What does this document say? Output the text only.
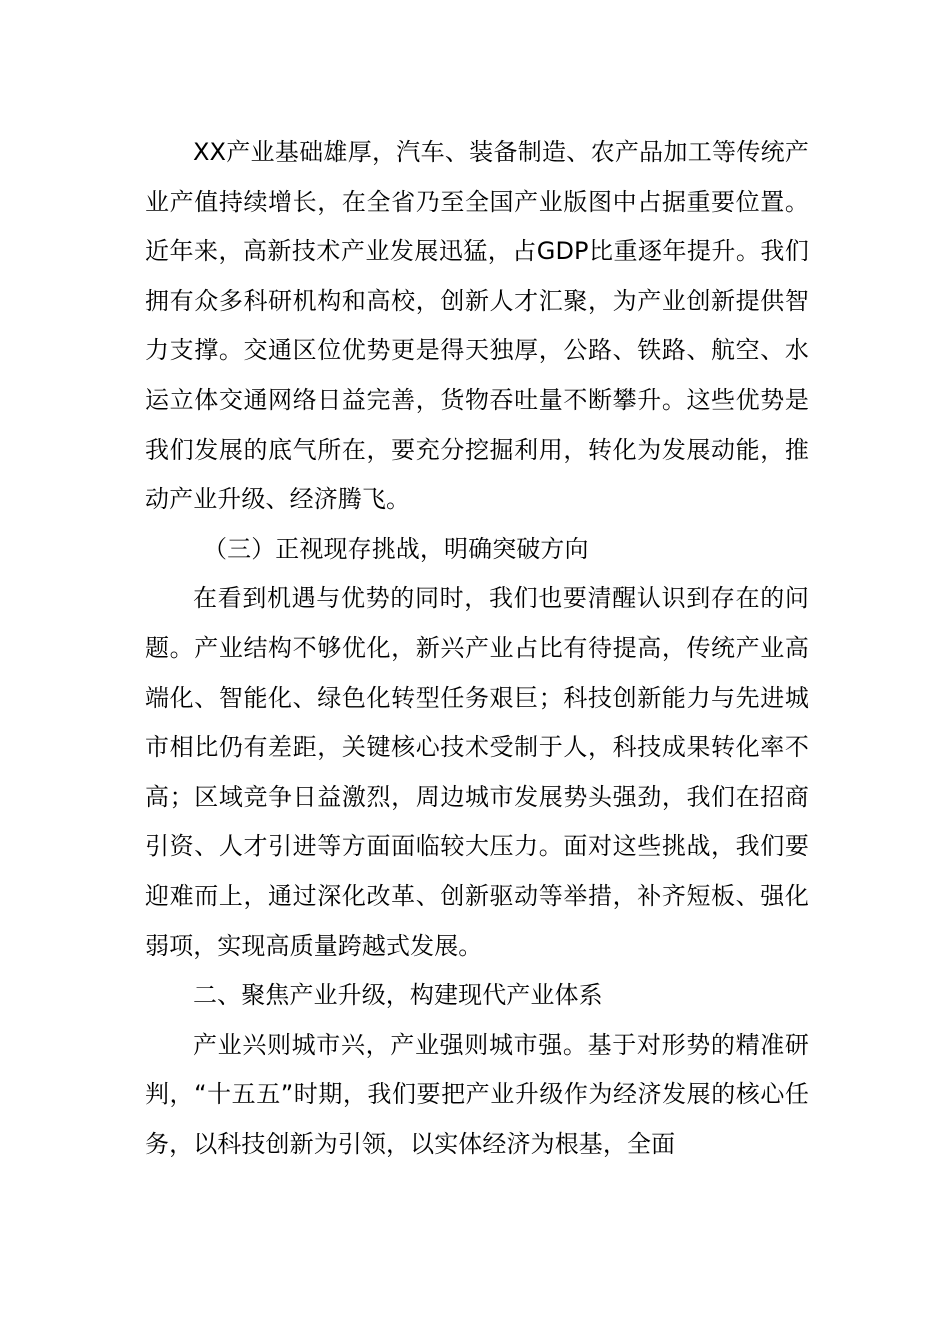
XX产业基础雄厚，汽车、装备制造、农产品加工等传统产业产值持续增长，在全省乃至全国产业版图中占据重要位置。近年来，高新技术产业发展迅猛，占GDP比重逐年提升。我们拥有众多科研机构和高校，创新人才汇聚，为产业创新提供智力支撑。交通区位优势更是得天独厚，公路、铁路、航空、水运立体交通网络日益完善，货物吞吐量不断攀升。这些优势是我们发展的底气所在，要充分挖掘利用，转化为发展动能，推动产业升级、经济腾飞。

（三）正视现存挑战，明确突破方向

在看到机遇与优势的同时，我们也要清醒认识到存在的问题。产业结构不够优化，新兴产业占比有待提高，传统产业高端化、智能化、绿色化转型任务艰巨；科技创新能力与先进城市相比仍有差距，关键核心技术受制于人，科技成果转化率不高；区域竞争日益激烈，周边城市发展势头强劲，我们在招商引资、人才引进等方面面临较大压力。面对这些挑战，我们要迎难而上，通过深化改革、创新驱动等举措，补齐短板、强化弱项，实现高质量跨越式发展。

二、聚焦产业升级，构建现代产业体系

产业兴则城市兴，产业强则城市强。基于对形势的精准研判，“十五五”时期，我们要把产业升级作为经济发展的核心任务，以科技创新为引领，以实体经济为根基，全面
